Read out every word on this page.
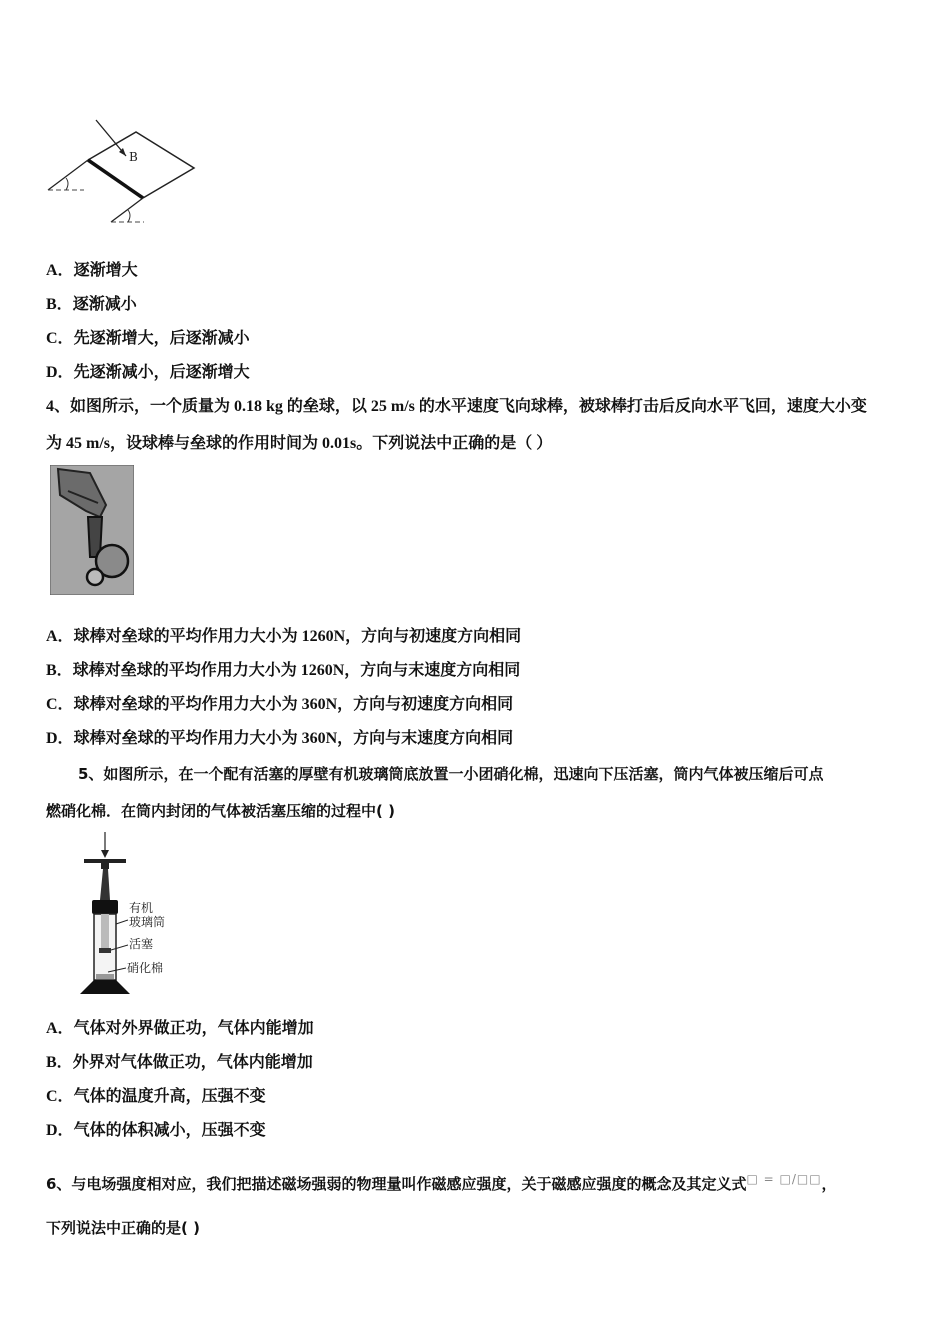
B
A．逐渐增大
B．逐渐减小
C．先逐渐增大，后逐渐减小
D．先逐渐减小，后逐渐增大
4、如图所示，一个质量为 0.18 kg 的垒球，以 25 m/s 的水平速度飞向球棒，被球棒打击后反向水平飞回，速度大小变
为 45 m/s，设球棒与垒球的作用时间为 0.01s。下列说法中正确的是（ ）
A．球棒对垒球的平均作用力大小为 1260N，方向与初速度方向相同
B．球棒对垒球的平均作用力大小为 1260N，方向与末速度方向相同
C．球棒对垒球的平均作用力大小为 360N，方向与初速度方向相同
D．球棒对垒球的平均作用力大小为 360N，方向与末速度方向相同
5、如图所示，在一个配有活塞的厚壁有机玻璃筒底放置一小团硝化棉，迅速向下压活塞，筒内气体被压缩后可点
燃硝化棉．在筒内封闭的气体被活塞压缩的过程中( )
有机
玻璃筒
活塞
硝化棉
A．气体对外界做正功，气体内能增加
B．外界对气体做正功，气体内能增加
C．气体的温度升高，压强不变
D．气体的体积减小，压强不变
6、与电场强度相对应，我们把描述磁场强弱的物理量叫作磁感应强度，关于磁感应强度的概念及其定义式□ = □/□□，
下列说法中正确的是( )
